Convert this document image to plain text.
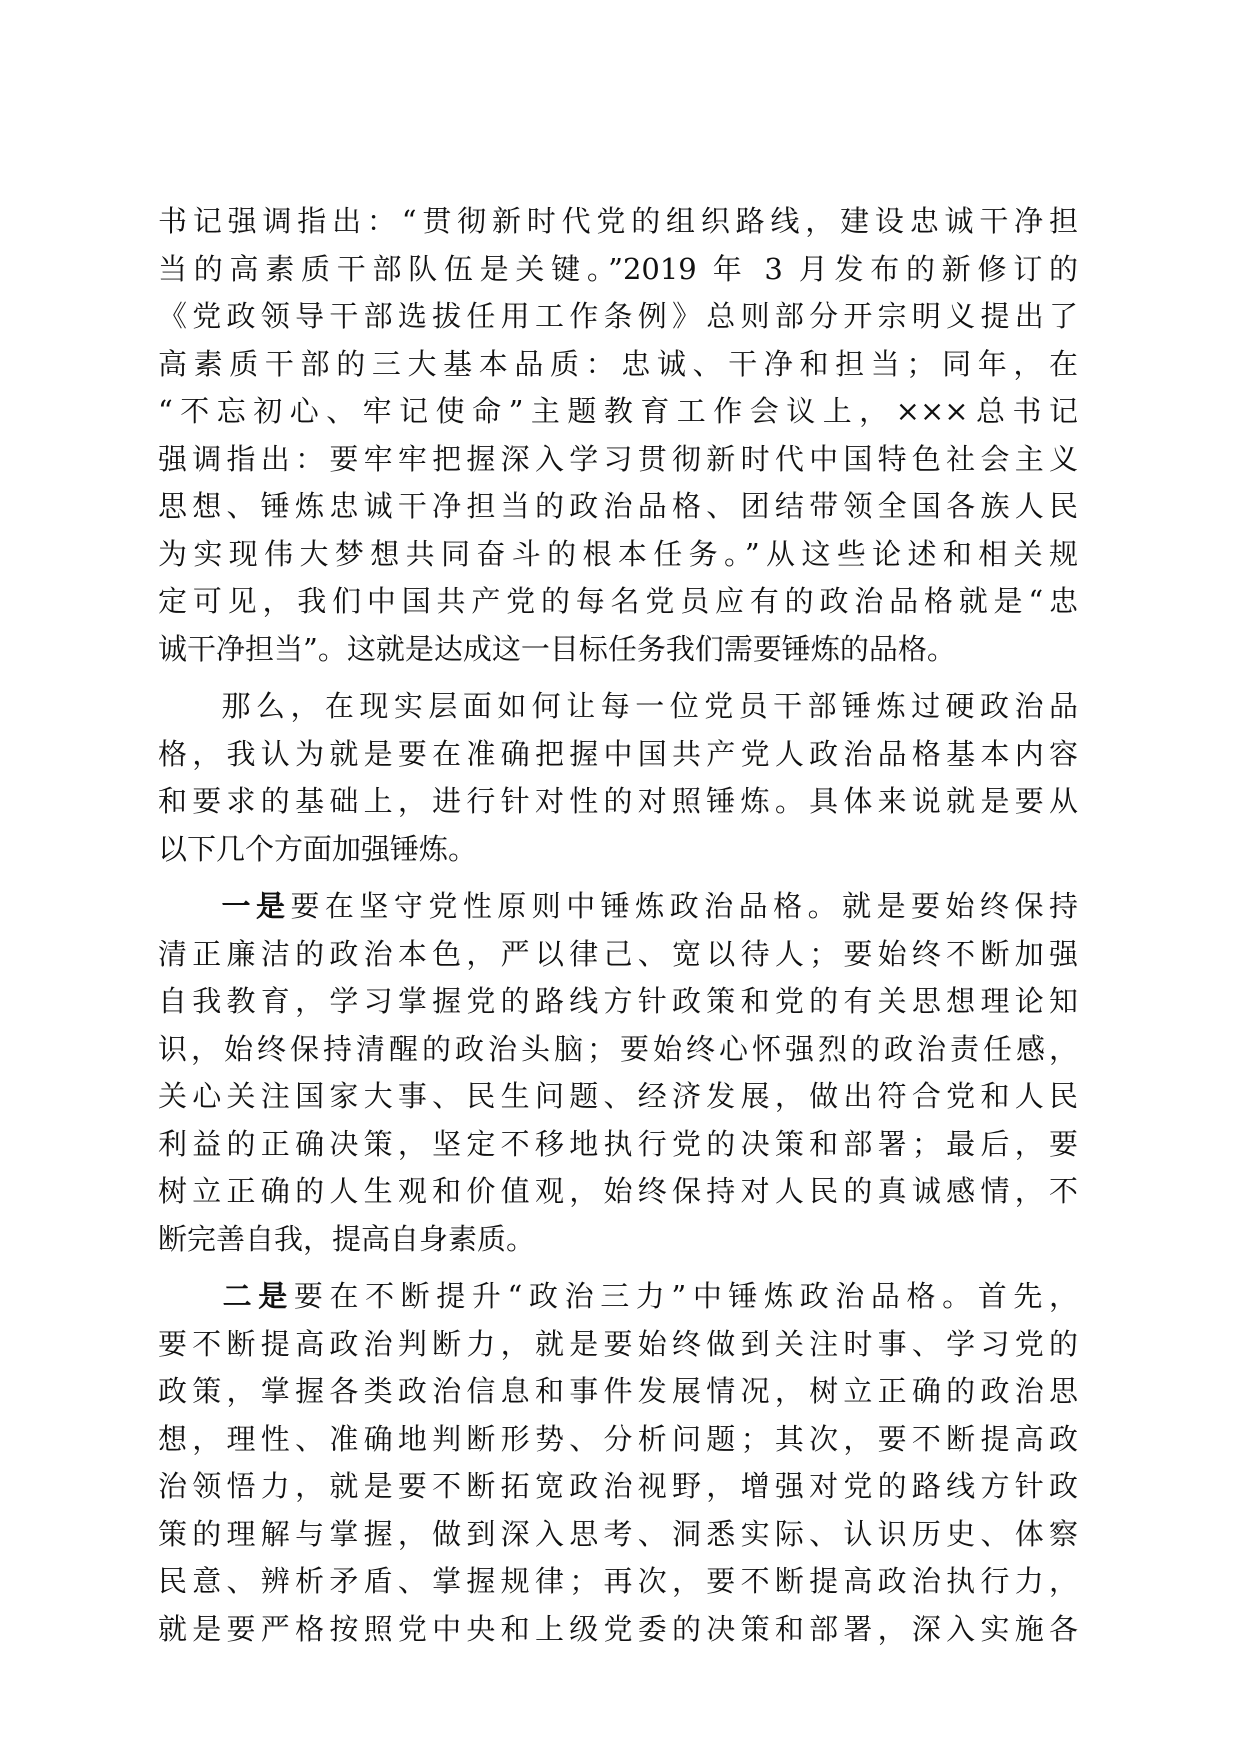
书记强调指出：“贯彻新时代党的组织路线，建设忠诚干净担
当的高素质干部队伍是关键。”2019 年 3 月发布的新修订的
《党政领导干部选拔任用工作条例》总则部分开宗明义提出了
高素质干部的三大基本品质：忠诚、干净和担当；同年，在
“不忘初心、牢记使命”主题教育工作会议上，×××总书记
强调指出：要牢牢把握深入学习贯彻新时代中国特色社会主义
思想、锤炼忠诚干净担当的政治品格、团结带领全国各族人民
为实现伟大梦想共同奋斗的根本任务。”从这些论述和相关规
定可见，我们中国共产党的每名党员应有的政治品格就是“忠
诚干净担当”。这就是达成这一目标任务我们需要锤炼的品格。
那么，在现实层面如何让每一位党员干部锤炼过硬政治品
格，我认为就是要在准确把握中国共产党人政治品格基本内容
和要求的基础上，进行针对性的对照锤炼。具体来说就是要从
以下几个方面加强锤炼。
一是要在坚守党性原则中锤炼政治品格。就是要始终保持
清正廉洁的政治本色，严以律己、宽以待人；要始终不断加强
自我教育，学习掌握党的路线方针政策和党的有关思想理论知
识，始终保持清醒的政治头脑；要始终心怀强烈的政治责任感，
关心关注国家大事、民生问题、经济发展，做出符合党和人民
利益的正确决策，坚定不移地执行党的决策和部署；最后，要
树立正确的人生观和价值观，始终保持对人民的真诚感情，不
断完善自我，提高自身素质。
二是要在不断提升“政治三力”中锤炼政治品格。首先，
要不断提高政治判断力，就是要始终做到关注时事、学习党的
政策，掌握各类政治信息和事件发展情况，树立正确的政治思
想，理性、准确地判断形势、分析问题；其次，要不断提高政
治领悟力，就是要不断拓宽政治视野，增强对党的路线方针政
策的理解与掌握，做到深入思考、洞悉实际、认识历史、体察
民意、辨析矛盾、掌握规律；再次，要不断提高政治执行力，
就是要严格按照党中央和上级党委的决策和部署，深入实施各
